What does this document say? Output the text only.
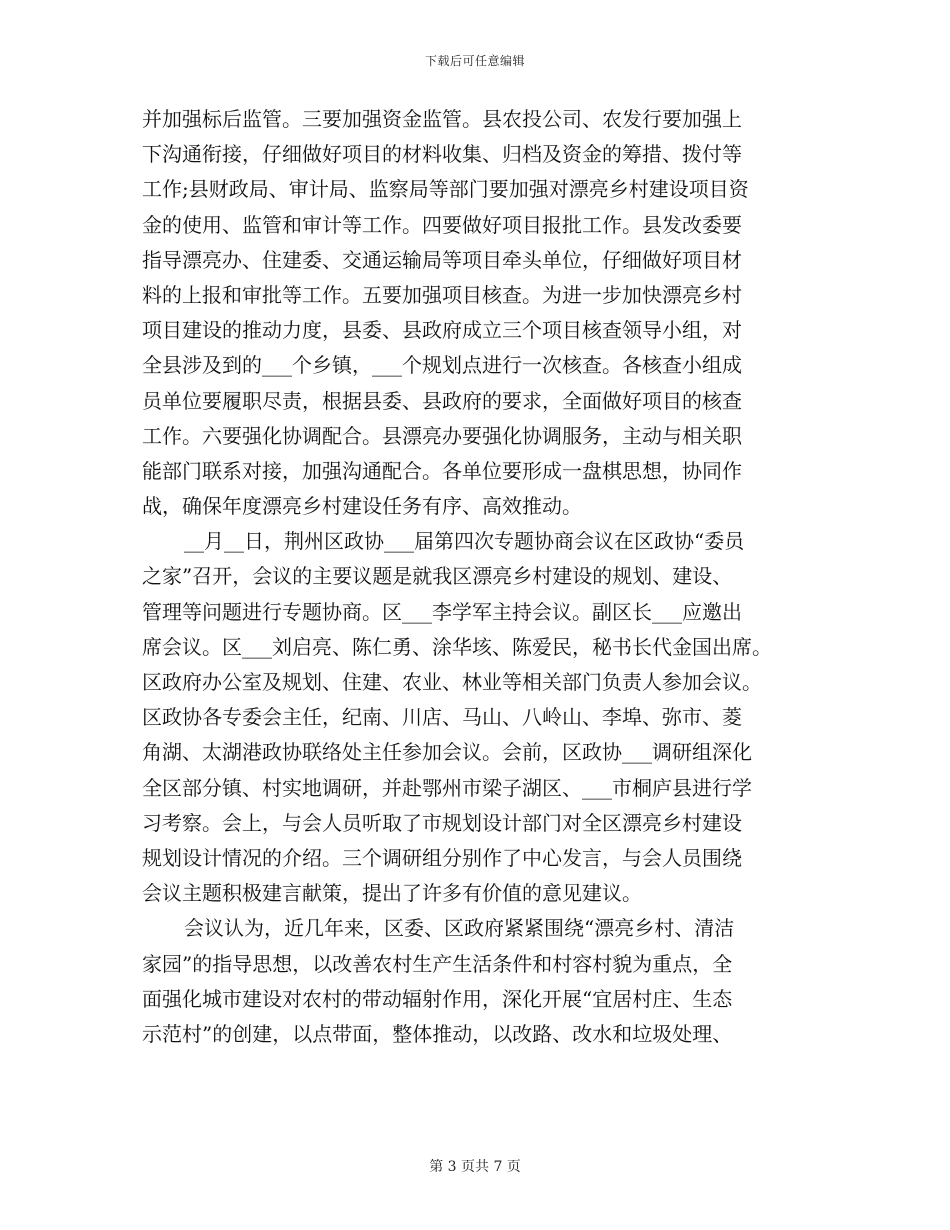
下载后可任意编辑
并加强标后监管。三要加强资金监管。县农投公司、农发行要加强上
下沟通衔接，仔细做好项目的材料收集、归档及资金的筹措、拨付等
工作;县财政局、审计局、监察局等部门要加强对漂亮乡村建设项目资
金的使用、监管和审计等工作。四要做好项目报批工作。县发改委要
指导漂亮办、住建委、交通运输局等项目牵头单位，仔细做好项目材
料的上报和审批等工作。五要加强项目核查。为进一步加快漂亮乡村
项目建设的推动力度，县委、县政府成立三个项目核查领导小组，对
全县涉及到的___个乡镇，___个规划点进行一次核查。各核查小组成
员单位要履职尽责，根据县委、县政府的要求，全面做好项目的核查
工作。六要强化协调配合。县漂亮办要强化协调服务，主动与相关职
能部门联系对接，加强沟通配合。各单位要形成一盘棋思想，协同作
战，确保年度漂亮乡村建设任务有序、高效推动。
__月__日，荆州区政协___届第四次专题协商会议在区政协“委员
之家”召开，会议的主要议题是就我区漂亮乡村建设的规划、建设、
管理等问题进行专题协商。区___李学军主持会议。副区长___应邀出
席会议。区___刘启亮、陈仁勇、涂华垓、陈爱民，秘书长代金国出席。
区政府办公室及规划、住建、农业、林业等相关部门负责人参加会议。
区政协各专委会主任，纪南、川店、马山、八岭山、李埠、弥市、菱
角湖、太湖港政协联络处主任参加会议。会前，区政协___调研组深化
全区部分镇、村实地调研，并赴鄂州市梁子湖区、___市桐庐县进行学
习考察。会上，与会人员听取了市规划设计部门对全区漂亮乡村建设
规划设计情况的介绍。三个调研组分别作了中心发言，与会人员围绕
会议主题积极建言献策，提出了许多有价值的意见建议。
会议认为，近几年来，区委、区政府紧紧围绕“漂亮乡村、清洁
家园”的指导思想，以改善农村生产生活条件和村容村貌为重点，全
面强化城市建设对农村的带动辐射作用，深化开展“宜居村庄、生态
示范村”的创建，以点带面，整体推动，以改路、改水和垃圾处理、
第 3 页共 7 页
